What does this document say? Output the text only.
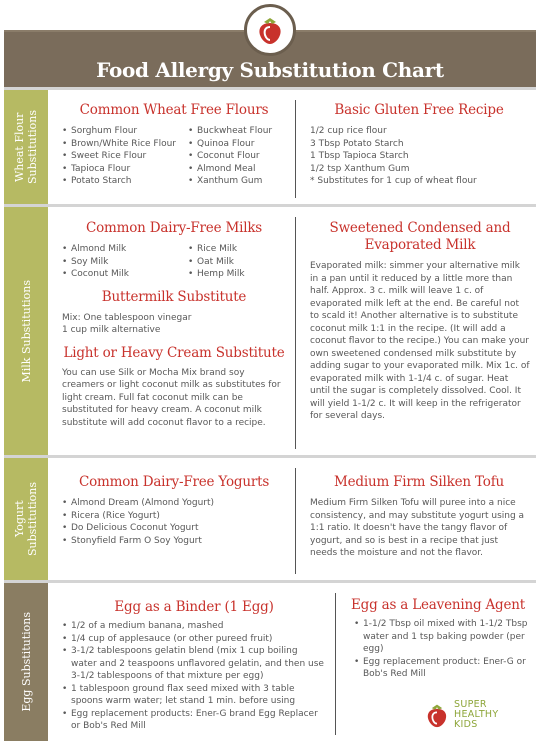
Food Allergy Substitution Chart
Wheat Flour
Substitutions	Common Wheat Free Flours
• Sorghum Flour
• Brown/White Rice Flour
• Sweet Rice Flour
• Tapioca Flour
• Potato Starch
• Buckwheat Flour
• Quinoa Flour
• Coconut Flour
• Almond Meal
• Xanthum Gum
Basic Gluten Free Recipe
1/2 cup rice flour
3 Tbsp Potato Starch
1 Tbsp Tapioca Starch
1/2 tsp Xanthum Gum
* Substitutes for 1 cup of wheat flour
Milk Substitutions
Common Dairy-Free Milks
• Almond Milk
• Soy Milk
• Coconut Milk
• Rice Milk
• Oat Milk
• Hemp Milk
Buttermilk Substitute
Mix: One tablespoon vinegar
1 cup milk alternative
Light or Heavy Cream Substitute
You can use Silk or Mocha Mix brand soy creamers or light coconut milk as substitutes for light cream. Full fat coconut milk can be substituted for heavy cream. A coconut milk substitute will add coconut flavor to a recipe.
Sweetened Condensed and Evaporated Milk
Evaporated milk: simmer your alternative milk in a pan until it reduced by a little more than half. Approx. 3 c. milk will leave 1 c. of evaporated milk left at the end. Be careful not to scald it! Another alternative is to substitute coconut milk 1:1 in the recipe. (It will add a coconut flavor to the recipe.) You can make your own sweetened condensed milk substitute by adding sugar to your evaporated milk. Mix 1c. of evaporated milk with 1-1/4 c. of sugar. Heat until the sugar is completely dissolved. Cool. It will yield 1-1/2 c. It will keep in the refrigerator for several days.
Yogurt
Substitutions	Common Dairy-Free Yogurts
• Almond Dream (Almond Yogurt)
• Ricera (Rice Yogurt)
• Do Delicious Coconut Yogurt
• Stonyfield Farm O Soy Yogurt
Medium Firm Silken Tofu
Medium Firm Silken Tofu will puree into a nice consistency, and may substitute yogurt using a 1:1 ratio. It doesn't have the tangy flavor of yogurt, and so is best in a recipe that just needs the moisture and not the flavor.
Egg Substitutions
Egg as a Binder (1 Egg)
• 1/2 of a medium banana, mashed
• 1/4 cup of applesauce (or other pureed fruit)
• 3-1/2 tablespoons gelatin blend (mix 1 cup boiling water and 2 teaspoons unflavored gelatin, and then use 3-1/2 tablespoons of that mixture per egg)
• 1 tablespoon ground flax seed mixed with 3 table spoons warm water; let stand 1 min. before using
• Egg replacement products: Ener-G brand Egg Replacer or Bob's Red Mill
Egg as a Leavening Agent
• 1-1/2 Tbsp oil mixed with 1-1/2 Tbsp water and 1 tsp baking powder (per egg)
• Egg replacement product: Ener-G or Bob's Red Mill
SUPER
HEALTHY
KIDS
